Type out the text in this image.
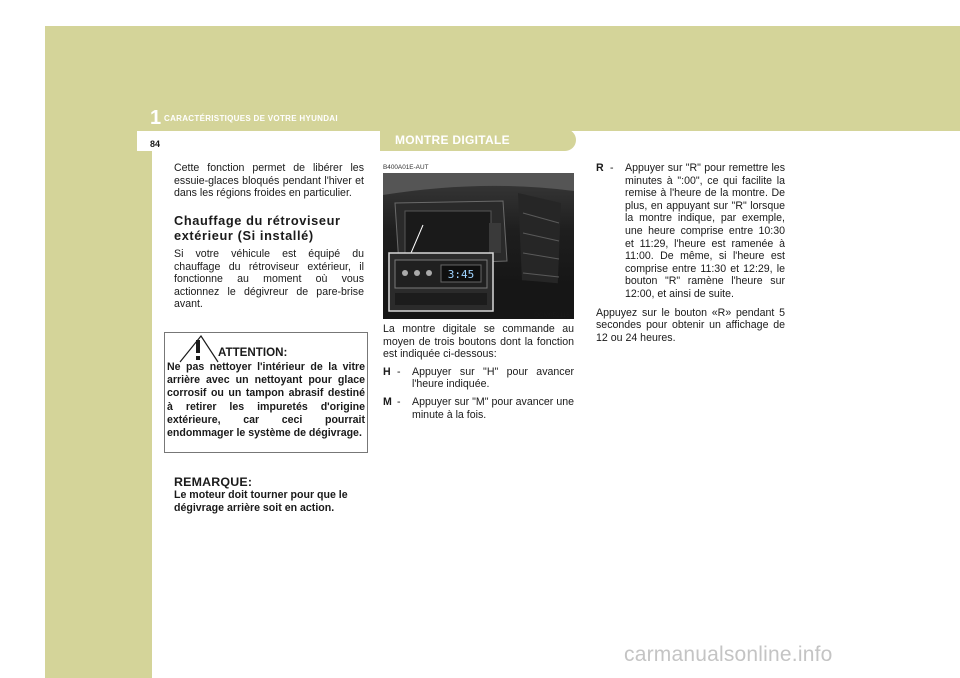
1 CARACTÉRISTIQUES DE VOTRE HYUNDAI
84	MONTRE DIGITALE

Cette fonction permet de libérer les essuie-glaces bloqués pendant l'hiver et dans les régions froides en particulier.

Chauffage du rétroviseur extérieur (Si installé)
Si votre véhicule est équipé du chauffage du rétroviseur extérieur, il fonctionne au moment où vous actionnez le dégivreur de pare-brise avant.
ATTENTION:
Ne pas nettoyer l'intérieur de la vitre arrière avec un nettoyant pour glace corrosif ou un tampon abrasif destiné à retirer les impuretés d'origine extérieure, car ceci pourrait endommager le système de dégivrage.
REMARQUE:
Le moteur doit tourner pour que le dégivrage arrière soit en action.
B400A01E-AUT
3:45
OCM052116

La montre digitale se commande au moyen de trois boutons dont la fonction est indiquée ci-dessous:

H -	Appuyer sur "H" pour avancer l'heure indiquée.
M -	Appuyer sur "M" pour avancer une minute à la fois.
R -	Appuyer sur "R" pour remettre les minutes à ":00", ce qui facilite la remise à l'heure de la montre. De plus, en appuyant sur "R" lorsque la montre indique, par exemple, une heure comprise entre 10:30 et 11:29, l'heure est ramenée à 11:00. De même, si l'heure est comprise entre 11:30 et 12:29, le bouton "R" ramène l'heure sur 12:00, et ainsi de suite.

Appuyez sur le bouton «R» pendant 5 secondes pour obtenir un affichage de 12 ou 24 heures.

carmanualsonline.info
